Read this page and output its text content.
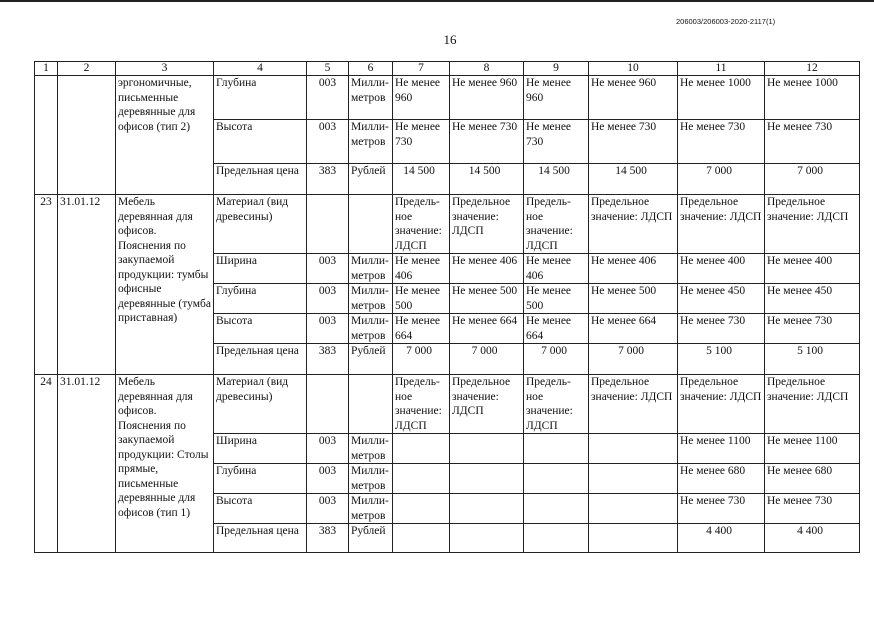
206003/206003-2020-2117(1)
16
1	2	3	4	5	6	7	8	9	10	11	12
		эргономичные, письменные деревянные для офисов (тип 2)	Глубина	003	Милли-метров	Не менее 960	Не менее 960	Не менее 960	Не менее 960	Не менее 1000	Не менее 1000
			Высота	003	Милли-метров	Не менее 730	Не менее 730	Не менее 730	Не менее 730	Не менее 730	Не менее 730
			Предельная цена	383	Рублей	14 500	14 500	14 500	14 500	7 000	7 000
23	31.01.12	Мебель деревянная для офисов. Пояснения по закупаемой продукции: тумбы офисные деревянные (тумба приставная)	Материал (вид древесины)			Предель-ное значение: ЛДСП	Предельное значение: ЛДСП	Предель-ное значение: ЛДСП	Предельное значение: ЛДСП	Предельное значение: ЛДСП	Предельное значение: ЛДСП
			Ширина	003	Милли-метров	Не менее 406	Не менее 406	Не менее 406	Не менее 406	Не менее 400	Не менее 400
			Глубина	003	Милли-метров	Не менее 500	Не менее 500	Не менее 500	Не менее 500	Не менее 450	Не менее 450
			Высота	003	Милли-метров	Не менее 664	Не менее 664	Не менее 664	Не менее 664	Не менее 730	Не менее 730
			Предельная цена	383	Рублей	7 000	7 000	7 000	7 000	5 100	5 100
24	31.01.12	Мебель деревянная для офисов. Пояснения по закупаемой продукции: Столы прямые, письменные деревянные для офисов (тип 1)	Материал (вид древесины)			Предель-ное значение: ЛДСП	Предельное значение: ЛДСП	Предель-ное значение: ЛДСП	Предельное значение: ЛДСП	Предельное значение: ЛДСП	Предельное значение: ЛДСП
			Ширина	003	Милли-метров					Не менее 1100	Не менее 1100
			Глубина	003	Милли-метров					Не менее 680	Не менее 680
			Высота	003	Милли-метров					Не менее 730	Не менее 730
			Предельная цена	383	Рублей					4 400	4 400
